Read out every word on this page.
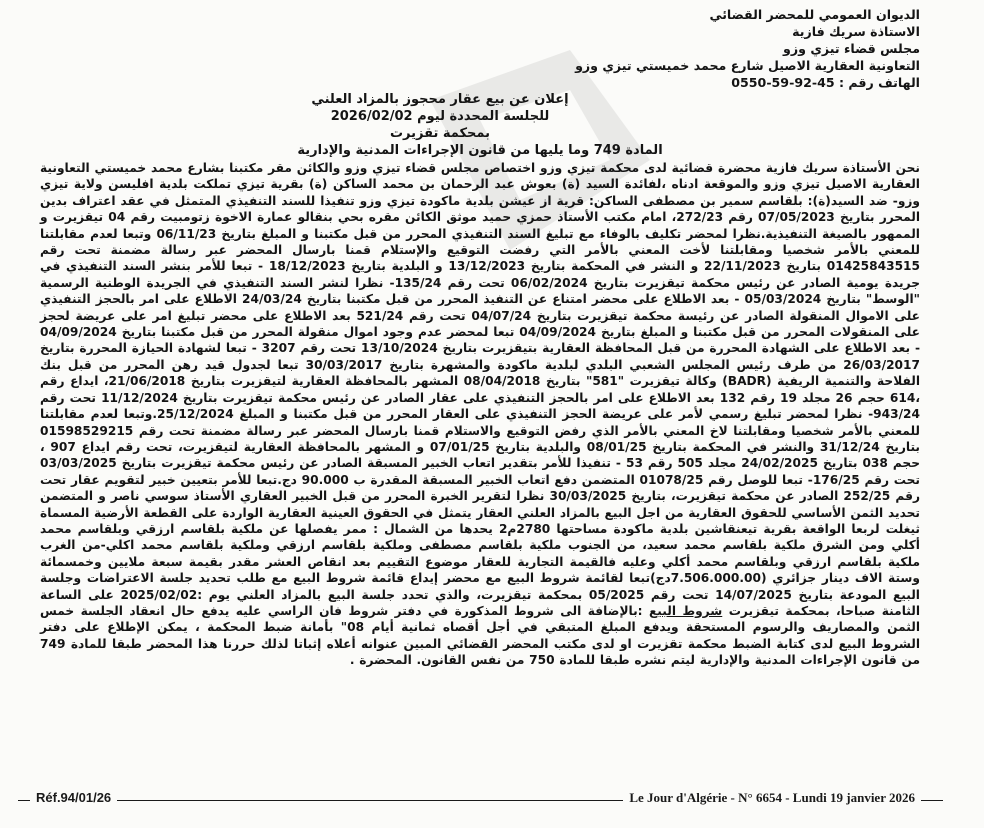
الديوان العمومي للمحضر القضائي
الاستاذة سريك فازية
مجلس قضاء تيزي وزو
التعاونية العقارية الاصيل شارع محمد خميستي تيزي وزو
الهاتف رقم : 45-92-59-0550
إعلان عن بيع عقار محجوز بالمزاد العلني
للجلسة المحددة ليوم 2026/02/02
بمحكمة تقزيرت
المادة 749 وما يليها من قانون الإجراءات المدنية والإدارية

نحن الأستاذة سريك فازية محضرة قضائية لدى محكمة تيزي وزو اختصاص مجلس قضاء تيزي وزو والكائن مقر مكتبنا بشارع محمد خميستي التعاونية العقارية الاصيل تيزي وزو والموقعة ادناه ،لفائدة السيد (ة) بعوش عبد الرحمان بن محمد الساكن (ة) بقرية تيزي تملكت بلدية افليسن ولاية تيزي وزو- ضد السيد(ة): بلقاسم سمير بن مصطفى الساكن: قرية از عيشن بلدية ماكودة تيزي وزو تنفيذا للسند التنفيذي المتمثل في عقد اعتراف بدين المحرر بتاريخ 07/05/2023 رقم 272/23، امام مكتب الأستاذ حمزي حميد موثق الكائن مقره بحي بنقالو عمارة الاخوة زتومبيت رقم 04 تيقزيرت و الممهور بالصيغة التنفيذية.نظرا لمحضر تكليف بالوفاء مع تبليغ السند التنفيذي المحرر من قبل مكتبنا و المبلغ بتاريخ 06/11/23 وتبعا لعدم مقابلتنا للمعني بالأمر شخصيا ومقابلتنا لأخت المعني بالأمر التي رفضت التوقيع والإستلام قمنا بارسال المحضر عبر رسالة مضمنة تحت رقم 01425843515 بتاريخ 22/11/2023 و النشر في المحكمة بتاريخ 13/12/2023 و البلدية بتاريخ 18/12/2023 - تبعا للأمر بنشر السند التنفيذي في جريدة يومية الصادر عن رئيس محكمة تيقزيرت بتاريخ 06/02/2024 تحت رقم 135/24- نظرا لنشر السند التنفيذي في الجريدة الوطنية الرسمية "الوسط" بتاريخ 05/03/2024 - بعد الاطلاع على محضر امتناع عن التنفيذ المحرر من قبل مكتبنا بتاريخ 24/03/24 الاطلاع على امر بالحجز التنفيذي على الاموال المنقولة الصادر عن رئيسة محكمة تيقزيرت بتاريخ 04/07/24 تحت رقم 521/24 بعد الاطلاع على محضر تبليغ امر على عريضة لحجز على المنقولات المحرر من قبل مكتبنا و المبلغ بتاريخ 04/09/2024 تبعا لمحضر عدم وجود اموال منقولة المحرر من قبل مكتبنا بتاريخ 04/09/2024 - بعد الاطلاع على الشهادة المحررة من قبل المحافظة العقارية بتيقزيرت بتاريخ 13/10/2024 تحت رقم 3207 - تبعا لشهادة الحيازة المحررة بتاريخ 26/03/2017 من طرف رئيس المجلس الشعبي البلدي لبلدية ماكودة والمشهرة بتاريخ 30/03/2017 تبعا لجدول قيد رهن المحرر من قبل بنك الفلاحة والتنمية الريفية (BADR) وكالة تيقزيرت "581" بتاريخ 08/04/2018 المشهر بالمحافظة العقارية لتيقزيرت بتاريخ 21/06/2018، ايداع رقم ،614 حجم 26 مجلد 19 رقم 132 بعد الاطلاع على امر بالحجز التنفيذي على عقار الصادر عن رئيس محكمة تيقزيرت بتاريخ 11/12/2024 تحت رقم 943/24- نظرا لمحضر تبليغ رسمي لأمر على عريضة الحجز التنفيذي على العقار المحرر من قبل مكتبنا و المبلغ 25/12/2024.وتبعا لعدم مقابلتنا للمعني بالأمر شخصيا ومقابلتنا لاخ المعني بالأمر الذي رفض التوقيع والاستلام قمنا بارسال المحضر عبر رسالة مضمنة تحت رقم 01598529215 بتاريخ 31/12/24 والنشر في المحكمة بتاريخ 08/01/25 والبلدية بتاريخ 07/01/25 و المشهر بالمحافظة العقارية لتيقزيرت، تحت رقم ايداع 907 ، حجم 038 بتاريخ 24/02/2025 مجلد 505 رقم 53 - تنفيذا للأمر بتقدير اتعاب الخبير المسبقة الصادر عن رئيس محكمة تيقزيرت بتاريخ 03/03/2025 تحت رقم 176/25- تبعا للوصل رقم 01078/25 المتضمن دفع اتعاب الخبير المسبقة المقدرة ب 90.000 دج.تبعا للأمر بتعيين خبير لتقويم عقار تحت رقم 252/25 الصادر عن محكمة تيقزيرت، بتاريخ 30/03/2025 نظرا لتقرير الخبرة المحرر من قبل الخبير العقاري الأستاذ سوسي ناصر و المتضمن تحديد الثمن الأساسي للحقوق العقارية من اجل البيع بالمزاد العلني العقار يتمثل في الحقوق العينية العقارية الواردة على القطعة الأرضية المسماة ثيغلت لربعا الواقعة بقرية تيعنقاشين بلدية ماكودة مساحتها 2780م2 يحدها من الشمال : ممر يفصلها عن ملكية بلقاسم ارزقي وبلقاسم محمد أكلي ومن الشرق ملكية بلقاسم محمد سعيد، من الجنوب ملكية بلقاسم مصطفى وملكية بلقاسم ارزقي وملكية بلقاسم محمد اكلي-من الغرب ملكية بلقاسم ارزقي وبلقاسم محمد أكلي وعليه فالقيمة التجارية للعقار موضوع التقييم بعد انقاص العشر مقدر بقيمة سبعة ملايين وخمسمائة وستة الاف دينار جزائري (7.506.000.00دج)تبعا لقائمة شروط البيع مع محضر إيداع قائمة شروط البيع مع طلب تحديد جلسة الاعتراضات وجلسة البيع المودعة بتاريخ 14/07/2025 تحت رقم 05/2025 بمحكمة تيقزيرت، والذي تحدد جلسة البيع بالمزاد العلني يوم :2025/02/02 على الساعة الثامنة صباحا، بمحكمة تيقزيرت شروط البيع :بالإضافة الى شروط المذكورة في دفتر شروط فان الراسي عليه يدفع حال انعقاد الجلسة خمس الثمن والمصاريف والرسوم المستحقة ويدفع المبلغ المتبقي في أجل أقصاه ثمانية أيام 08" بأمانة ضبط المحكمة ، يمكن الإطلاع على دفتر الشروط البيع لدى كتابة الضبط محكمة تقزيرت او لدى مكتب المحضر القضائي المبين عنوانه أعلاه إثباتا لذلك حررنا هذا المحضر طبقا للمادة 749 من قانون الإجراءات المدنية والإدارية ليتم نشره طبقا للمادة 750 من نفس القانون. المحضرة .

Réf.94/01/26	Le Jour d'Algérie - N° 6654 - Lundi 19 janvier 2026
